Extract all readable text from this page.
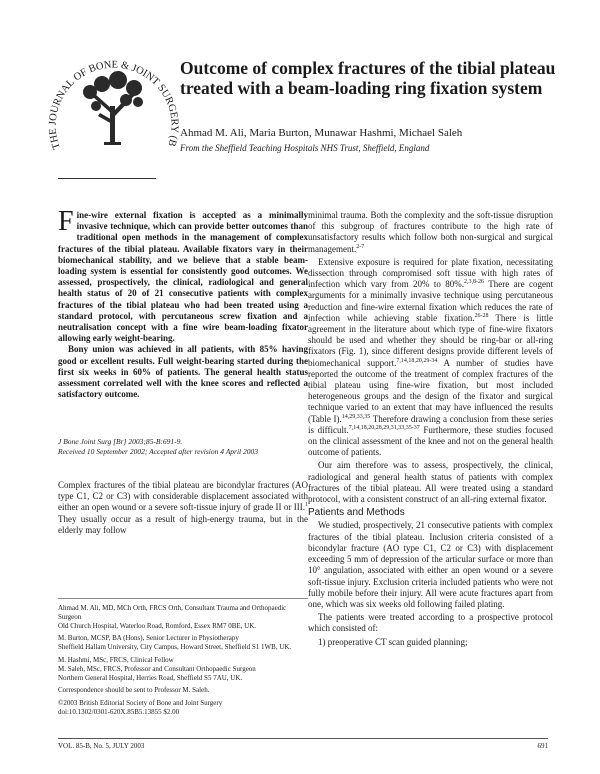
THE JOURNAL OF BONE & JOINT SURGERY (B
Outcome of complex fractures of the tibial plateau treated with a beam-loading ring fixation system
Ahmad M. Ali, Maria Burton, Munawar Hashmi, Michael Saleh
From the Sheffield Teaching Hospitals NHS Trust, Sheffield, England

Fine-wire external fixation is accepted as a minimally invasive technique, which can provide better outcomes than traditional open methods in the management of complex fractures of the tibial plateau. Available fixators vary in their biomechanical stability, and we believe that a stable beam-loading system is essential for consistently good outcomes. We assessed, prospectively, the clinical, radiological and general health status of 20 of 21 consecutive patients with complex fractures of the tibial plateau who had been treated using a standard protocol, with percutaneous screw fixation and a neutralisation concept with a fine wire beam-loading fixator allowing early weight-bearing.

Bony union was achieved in all patients, with 85% having good or excellent results. Full weight-bearing started during the first six weeks in 60% of patients. The general health status assessment correlated well with the knee scores and reflected a satisfactory outcome.

J Bone Joint Surg [Br] 2003;85-B:691-9.
Received 10 September 2002; Accepted after revision 4 April 2003

Complex fractures of the tibial plateau are bicondylar fractures (AO type C1, C2 or C3) with considerable displacement associated with either an open wound or a severe soft-tissue injury of grade II or III.$^1$ They usually occur as a result of high-energy trauma, but in the elderly may follow

Ahmad M. Ali, MD, MCh Orth, FRCS Orth, Consultant Trauma and Orthopaedic Surgeon
Old Church Hospital, Waterloo Road, Romford, Essex RM7 0BE, UK.

M. Burton, MCSP, BA (Hons), Senior Lecturer in Physiotherapy
Sheffield Hallam University, City Campus, Howard Street, Sheffield S1 1WB, UK.

M. Hashmi, MSc, FRCS, Clinical Fellow
M. Saleh, MSc, FRCS, Professor and Consultant Orthopaedic Surgeon
Northern General Hospital, Herries Road, Sheffield S5 7AU, UK.

Correspondence should be sent to Professor M. Saleh.

©2003 British Editorial Society of Bone and Joint Surgery
doi:10.1302/0301-620X.85B5.13855 $2.00

minimal trauma. Both the complexity and the soft-tissue disruption of this subgroup of fractures contribute to the high rate of unsatisfactory results which follow both non-surgical and surgical management.$^{2-7}$

Extensive exposure is required for plate fixation, necessitating dissection through compromised soft tissue with high rates of infection which vary from 20% to 80%.$^{2,3,8-26}$ There are cogent arguments for a minimally invasive technique using percutaneous reduction and fine-wire external fixation which reduces the rate of infection while achieving stable fixation.$^{26-28}$ There is little agreement in the literature about which type of fine-wire fixators should be used and whether they should be ring-bar or all-ring fixators (Fig. 1), since different designs provide different levels of biomechanical support.$^{7,14,18,20,29-34}$ A number of studies have reported the outcome of the treatment of complex fractures of the tibial plateau using fine-wire fixation, but most included heterogeneous groups and the design of the fixator and surgical technique varied to an extent that may have influenced the results (Table I).$^{14,29,33,35}$ Therefore drawing a conclusion from these series is difficult.$^{7,14,18,20,28,29,31,33,35-37}$ Furthermore, these studies focused on the clinical assessment of the knee and not on the general health outcome of patients.

Our aim therefore was to assess, prospectively, the clinical, radiological and general health status of patients with complex fractures of the tibial plateau. All were treated using a standard protocol, with a consistent construct of an all-ring external fixator.

Patients and Methods

We studied, prospectively, 21 consecutive patients with complex fractures of the tibial plateau. Inclusion criteria consisted of a bicondylar fracture (AO type C1, C2 or C3) with displacement exceeding 5 mm of depression of the articular surface or more than 10° angulation, associated with either an open wound or a severe soft-tissue injury. Exclusion criteria included patients who were not fully mobile before their injury. All were acute fractures apart from one, which was six weeks old following failed plating.

The patients were treated according to a prospective protocol which consisted of:

1) preoperative CT scan guided planning;

VOL. 85-B, No. 5, JULY 2003	691
